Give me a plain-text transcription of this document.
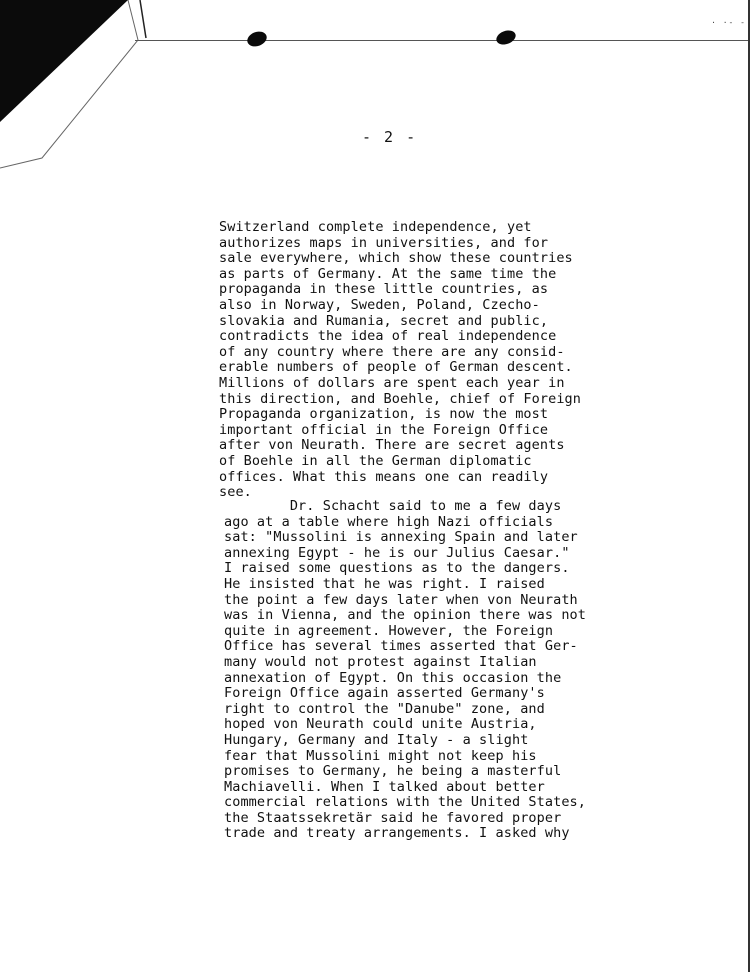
· ·- -
- 2 -
Switzerland complete independence, yet
authorizes maps in universities, and for
sale everywhere, which show these countries
as parts of Germany. At the same time the
propaganda in these little countries, as
also in Norway, Sweden, Poland, Czecho-
slovakia and Rumania, secret and public,
contradicts the idea of real independence
of any country where there are any consid-
erable numbers of people of German descent.
Millions of dollars are spent each year in
this direction, and Boehle, chief of Foreign
Propaganda organization, is now the most
important official in the Foreign Office
after von Neurath. There are secret agents
of Boehle in all the German diplomatic
offices. What this means one can readily
see.
Dr. Schacht said to me a few days
ago at a table where high Nazi officials
sat: "Mussolini is annexing Spain and later
annexing Egypt - he is our Julius Caesar."
I raised some questions as to the dangers.
He insisted that he was right. I raised
the point a few days later when von Neurath
was in Vienna, and the opinion there was not
quite in agreement. However, the Foreign
Office has several times asserted that Ger-
many would not protest against Italian
annexation of Egypt. On this occasion the
Foreign Office again asserted Germany's
right to control the "Danube" zone, and
hoped von Neurath could unite Austria,
Hungary, Germany and Italy - a slight
fear that Mussolini might not keep his
promises to Germany, he being a masterful
Machiavelli. When I talked about better
commercial relations with the United States,
the Staatssekretär said he favored proper
trade and treaty arrangements. I asked why
